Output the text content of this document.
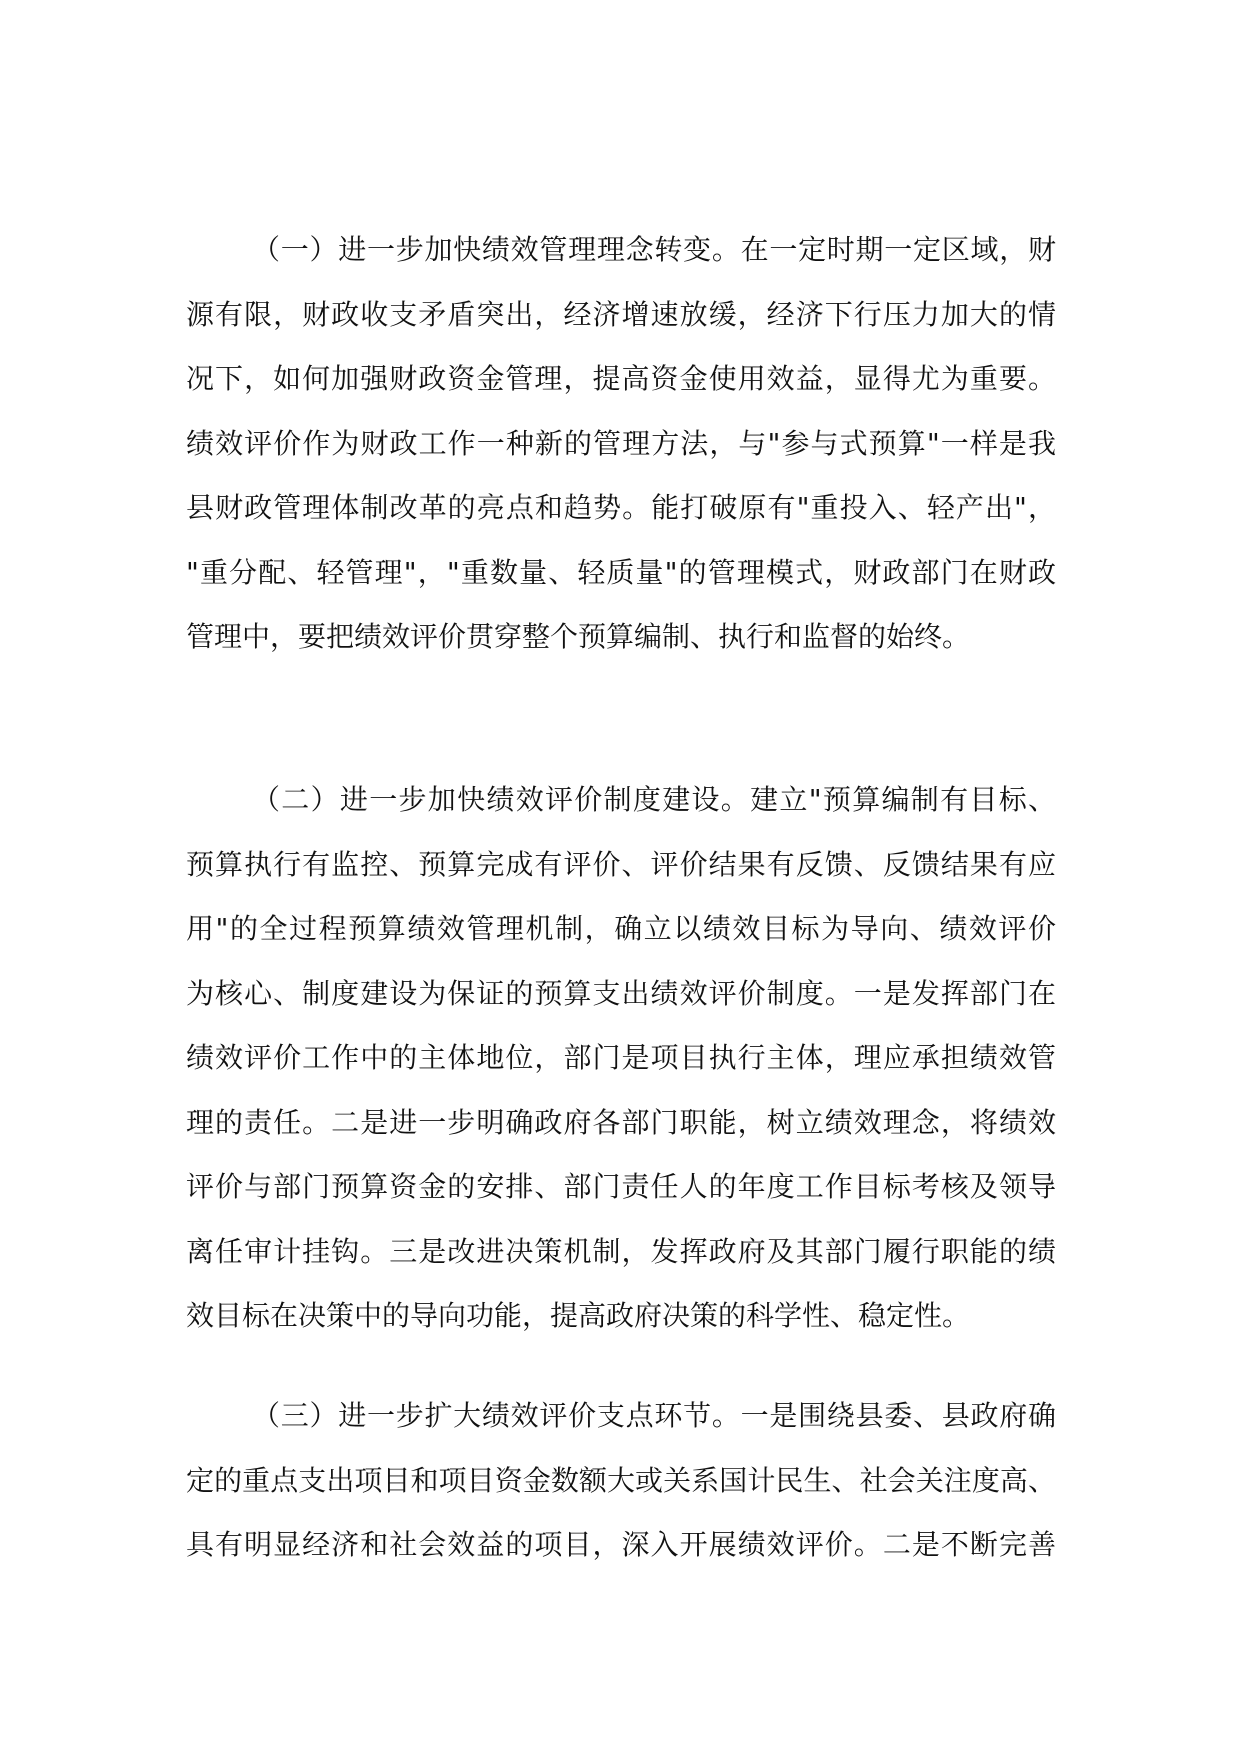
（一）进一步加快绩效管理理念转变。在一定时期一定区域，财
源有限，财政收支矛盾突出，经济增速放缓，经济下行压力加大的情
况下，如何加强财政资金管理，提高资金使用效益，显得尤为重要。
绩效评价作为财政工作一种新的管理方法，与"参与式预算"一样是我
县财政管理体制改革的亮点和趋势。能打破原有"重投入、轻产出"，
"重分配、轻管理"，"重数量、轻质量"的管理模式，财政部门在财政
管理中，要把绩效评价贯穿整个预算编制、执行和监督的始终。
（二）进一步加快绩效评价制度建设。建立"预算编制有目标、
预算执行有监控、预算完成有评价、评价结果有反馈、反馈结果有应
用"的全过程预算绩效管理机制，确立以绩效目标为导向、绩效评价
为核心、制度建设为保证的预算支出绩效评价制度。一是发挥部门在
绩效评价工作中的主体地位，部门是项目执行主体，理应承担绩效管
理的责任。二是进一步明确政府各部门职能，树立绩效理念，将绩效
评价与部门预算资金的安排、部门责任人的年度工作目标考核及领导
离任审计挂钩。三是改进决策机制，发挥政府及其部门履行职能的绩
效目标在决策中的导向功能，提高政府决策的科学性、稳定性。
（三）进一步扩大绩效评价支点环节。一是围绕县委、县政府确
定的重点支出项目和项目资金数额大或关系国计民生、社会关注度高、
具有明显经济和社会效益的项目，深入开展绩效评价。二是不断完善
